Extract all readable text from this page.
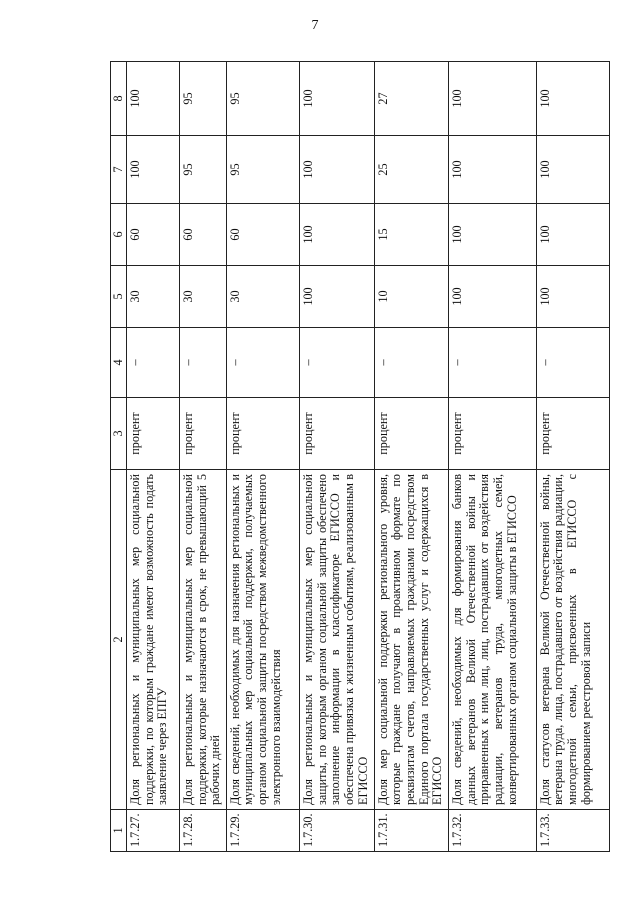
7
1	2	3	4	5	6	7	8
1.7.27.	Доля региональных и муниципальных мер социальной поддержки, по которым граждане имеют возможность подать заявление через ЕПГУ	процент	–	30	60	100	100
1.7.28.	Доля региональных и муниципальных мер социальной поддержки, которые назначаются в срок, не превышающий 5 рабочих дней	процент	–	30	60	95	95
1.7.29.	Доля сведений, необходимых для назначения региональных и муниципальных мер социальной поддержки, получаемых органом социальной защиты посредством межведомственного электронного взаимодействия	процент	–	30	60	95	95
1.7.30.	Доля региональных и муниципальных мер социальной защиты, по которым органом социальной защиты обеспечено заполнение информации в классификаторе ЕГИССО и обеспечена привязка к жизненным событиям, реализованным в ЕГИССО	процент	–	100	100	100	100
1.7.31.	Доля мер социальной поддержки регионального уровня, которые граждане получают в проактивном формате по реквизитам счетов, направляемых гражданами посредством Единого портала государственных услуг и содержащихся в ЕГИССО	процент	–	10	15	25	27
1.7.32.	Доля сведений, необходимых для формирования банков данных ветеранов Великой Отечественной войны и приравненных к ним лиц, лиц, пострадавших от воздействия радиации, ветеранов труда, многодетных семей, конвертированных органом социальной защиты в ЕГИССО	процент	–	100	100	100	100
1.7.33.	Доля статусов ветерана Великой Отечественной войны, ветерана труда, лица, пострадавшего от воздействия радиации, многодетной семьи, присвоенных в ЕГИССО с формированием реестровой записи	процент	–	100	100	100	100
